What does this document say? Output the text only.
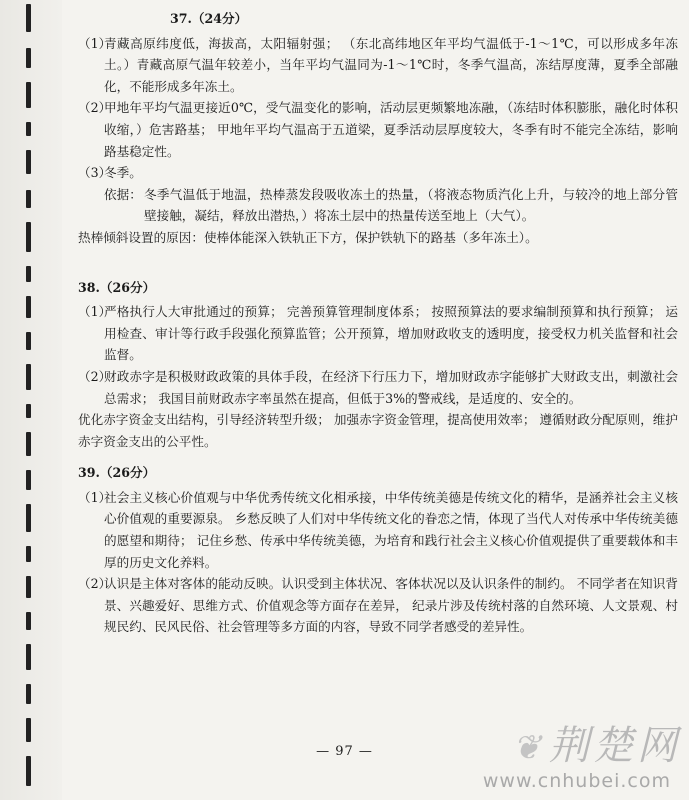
37.（24分）
（1）
青藏高原纬度低，海拔高，太阳辐射强； （东北高纬地区年平均气温低于-1～1℃，可以形成多年冻土。）青藏高原气温年较差小，当年平均气温同为-1～1℃时，冬季气温高，冻结厚度薄，夏季全部融化，不能形成多年冻土。
（2）
甲地年平均气温更接近0℃，受气温变化的影响，活动层更频繁地冻融，（冻结时体积膨胀，融化时体积收缩，）危害路基； 甲地年平均气温高于五道梁，夏季活动层厚度较大，冬季有时不能完全冻结，影响路基稳定性。
（3）
冬季。
依据： 冬季气温低于地温，热棒蒸发段吸收冻土的热量，（将液态物质汽化上升，与较冷的地上部分管壁接触，凝结，释放出潜热，）将冻土层中的热量传送至地上（大气）。

热棒倾斜设置的原因：使棒体能深入铁轨正下方，保护铁轨下的路基（多年冻土）。

38.（26分）
（1）
严格执行人大审批通过的预算； 完善预算管理制度体系； 按照预算法的要求编制预算和执行预算； 运用检查、审计等行政手段强化预算监管；公开预算，增加财政收支的透明度，接受权力机关监督和社会监督。
（2）
财政赤字是积极财政政策的具体手段，在经济下行压力下，增加财政赤字能够扩大财政支出，刺激社会总需求； 我国目前财政赤字率虽然在提高，但低于3%的警戒线，是适度的、安全的。

优化赤字资金支出结构，引导经济转型升级； 加强赤字资金管理，提高使用效率； 遵循财政分配原则，维护赤字资金支出的公平性。

39.（26分）
（1）
社会主义核心价值观与中华优秀传统文化相承接，中华传统美德是传统文化的精华，是涵养社会主义核心价值观的重要源泉。 乡愁反映了人们对中华传统文化的眷恋之情，体现了当代人对传承中华传统美德的愿望和期待； 记住乡愁、传承中华传统美德，为培育和践行社会主义核心价值观提供了重要载体和丰厚的历史文化养料。
（2）
认识是主体对客体的能动反映。认识受到主体状况、客体状况以及认识条件的制约。 不同学者在知识背景、兴趣爱好、思维方式、价值观念等方面存在差异， 纪录片涉及传统村落的自然环境、人文景观、村规民约、民风民俗、社会管理等多方面的内容，导致不同学者感受的差异性。
— 97 —	❦ 荆楚网
www.cnhubei.com
